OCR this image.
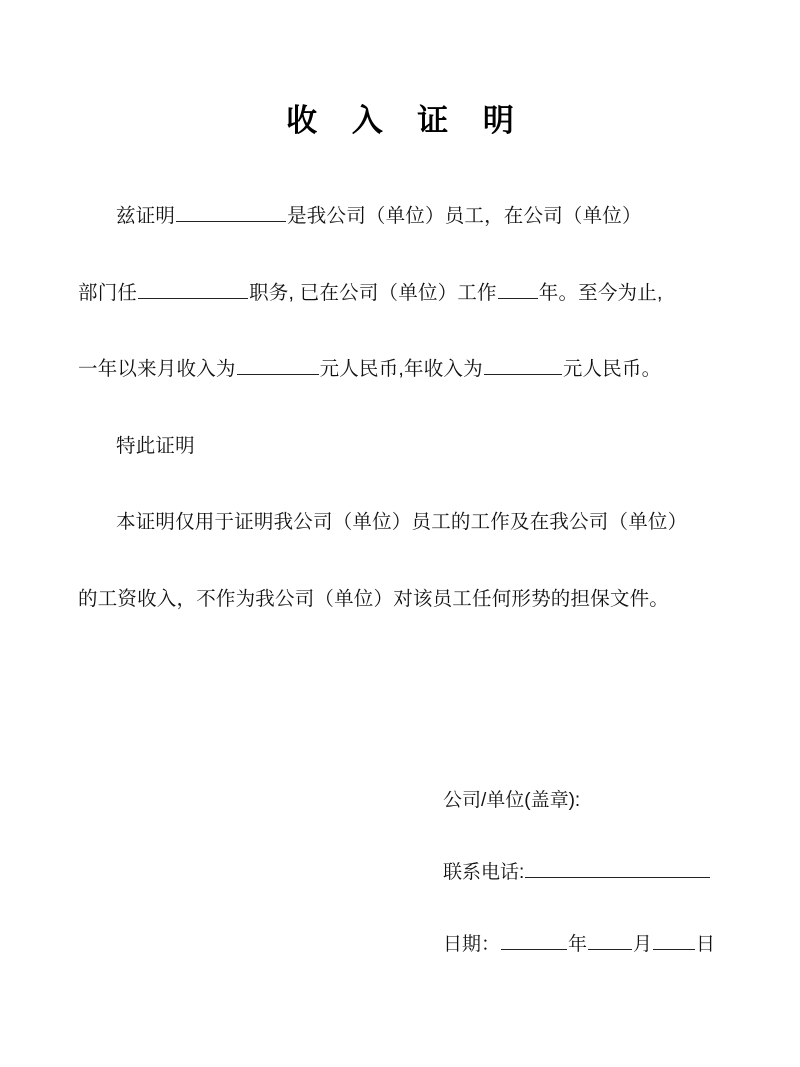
收 入 证 明

兹证明	是我公司（单位）员工，在公司（单位）

部门任	职务, 已在公司（单位）工作 年。至今为止,

一年以来月收入为	元人民币,年收入为	元人民币。

特此证明

本证明仅用于证明我公司（单位）员工的工作及在我公司（单位）

的工资收入，不作为我公司（单位）对该员工任何形势的担保文件。

公司/单位(盖章):
联系电话:
日期：	年 月 日
